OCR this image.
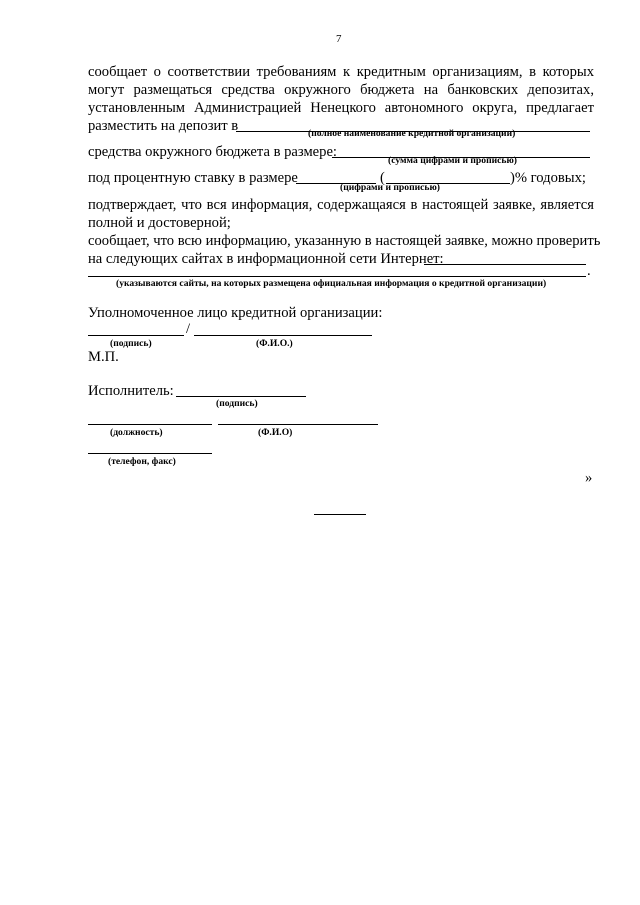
7
сообщает о соответствии требованиям к кредитным организациям, в которых
могут размещаться средства окружного бюджета на банковских депозитах,
установленным Администрацией Ненецкого автономного округа, предлагает
разместить на депозит в	(полное наименование кредитной организации)
средства окружного бюджета в размере:
(сумма цифрами и прописью)
под процентную ставку в размере	(	)% годовых;
(цифрами и прописью)
подтверждает, что вся информация, содержащаяся в настоящей заявке, является
полной и достоверной;
сообщает, что всю информацию, указанную в настоящей заявке, можно проверить
на следующих сайтах в информационной сети Интернет:
.
(указываются сайты, на которых размещена официальная информация о кредитной организации)
Уполномоченное лицо кредитной организации:
/
(подпись)	(Ф.И.О.)
М.П.
Исполнитель:
(подпись)
(должность)	(Ф.И.О)
(телефон, факс)
»
